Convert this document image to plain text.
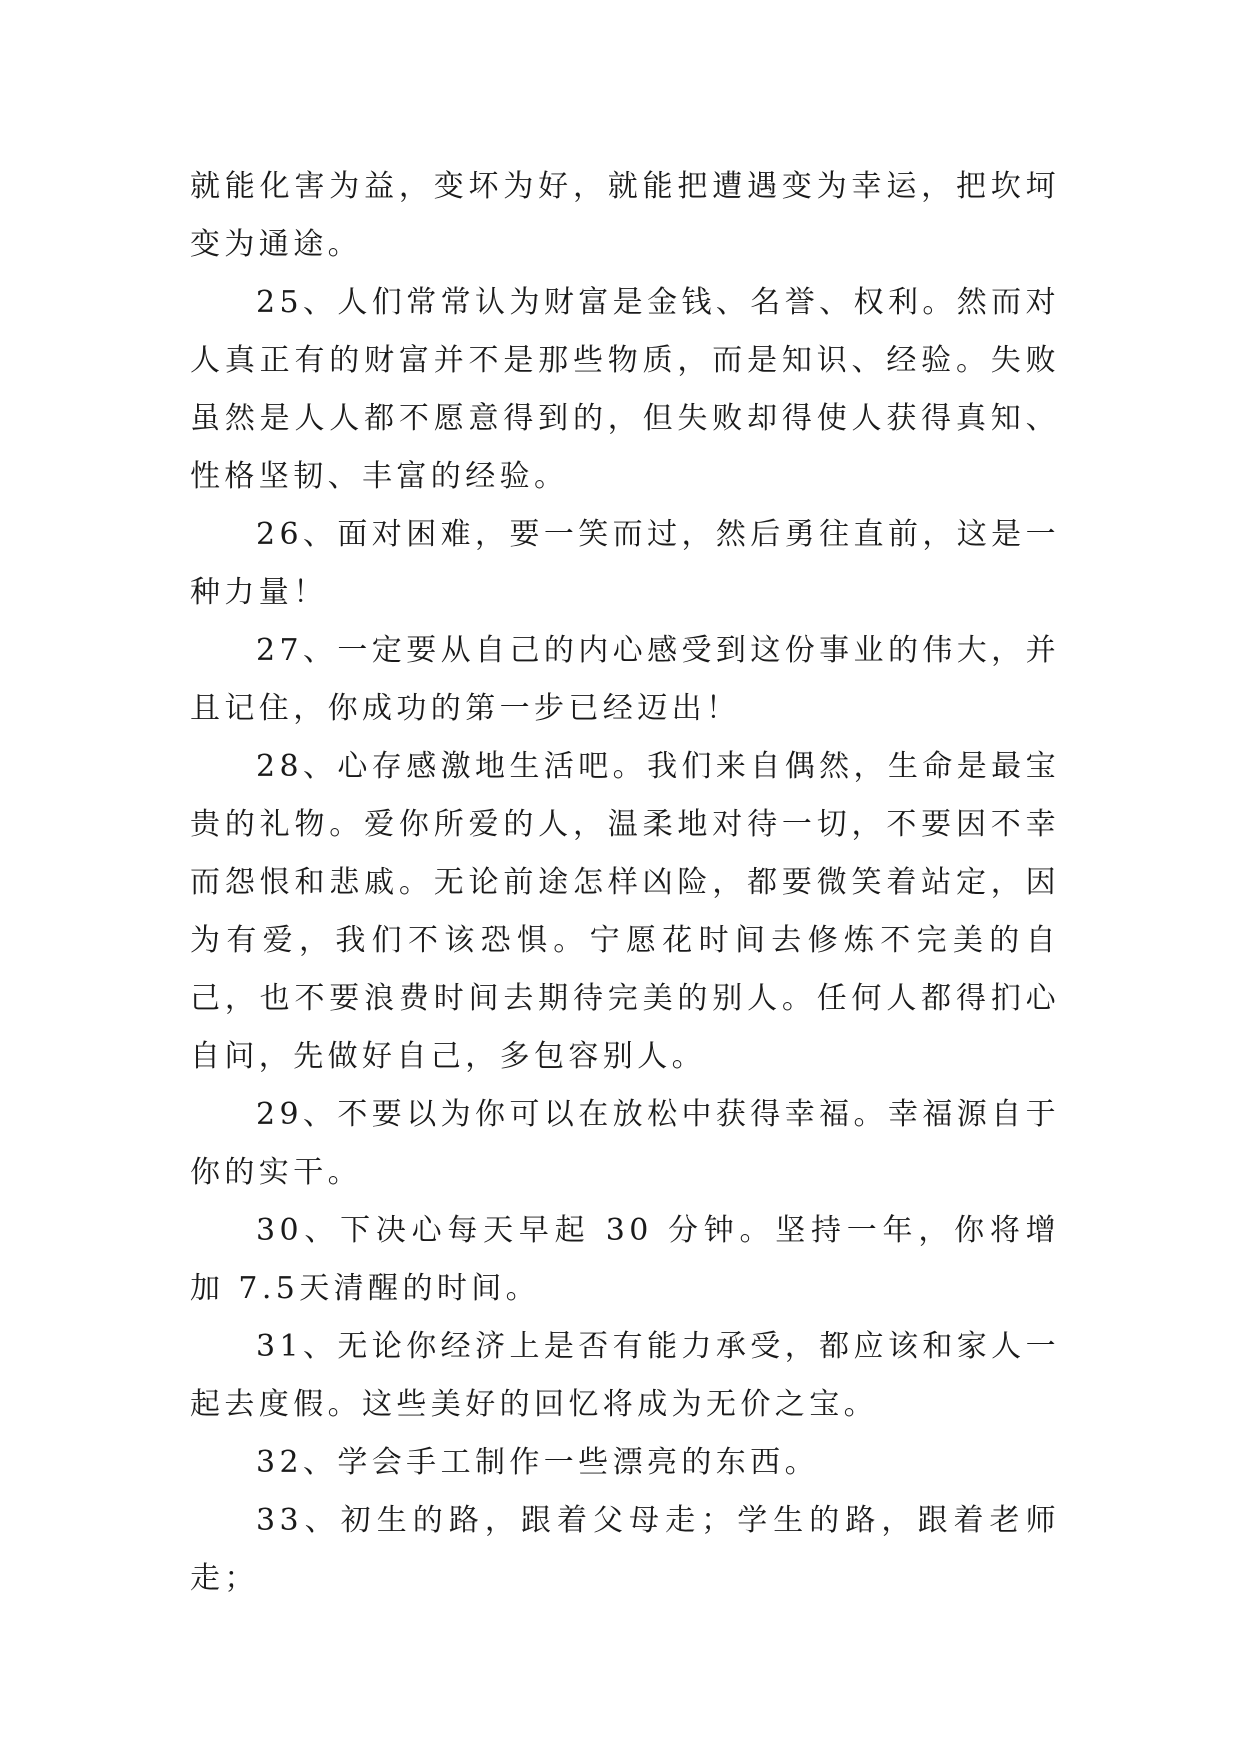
就能化害为益，变坏为好，就能把遭遇变为幸运，把坎坷变为通途。

25、人们常常认为财富是金钱、名誉、权利。然而对人真正有的财富并不是那些物质，而是知识、经验。失败虽然是人人都不愿意得到的，但失败却得使人获得真知、性格坚韧、丰富的经验。

26、面对困难，要一笑而过，然后勇往直前，这是一种力量！

27、一定要从自己的内心感受到这份事业的伟大，并且记住，你成功的第一步已经迈出！

28、心存感激地生活吧。我们来自偶然，生命是最宝贵的礼物。爱你所爱的人，温柔地对待一切，不要因不幸而怨恨和悲戚。无论前途怎样凶险，都要微笑着站定，因为有爱，我们不该恐惧。宁愿花时间去修炼不完美的自己，也不要浪费时间去期待完美的别人。任何人都得扪心自问，先做好自己，多包容别人。

29、不要以为你可以在放松中获得幸福。幸福源自于你的实干。

30、下决心每天早起 30 分钟。坚持一年，你将增加 7.5天清醒的时间。

31、无论你经济上是否有能力承受，都应该和家人一起去度假。这些美好的回忆将成为无价之宝。

32、学会手工制作一些漂亮的东西。

33、初生的路，跟着父母走；学生的路，跟着老师走；
